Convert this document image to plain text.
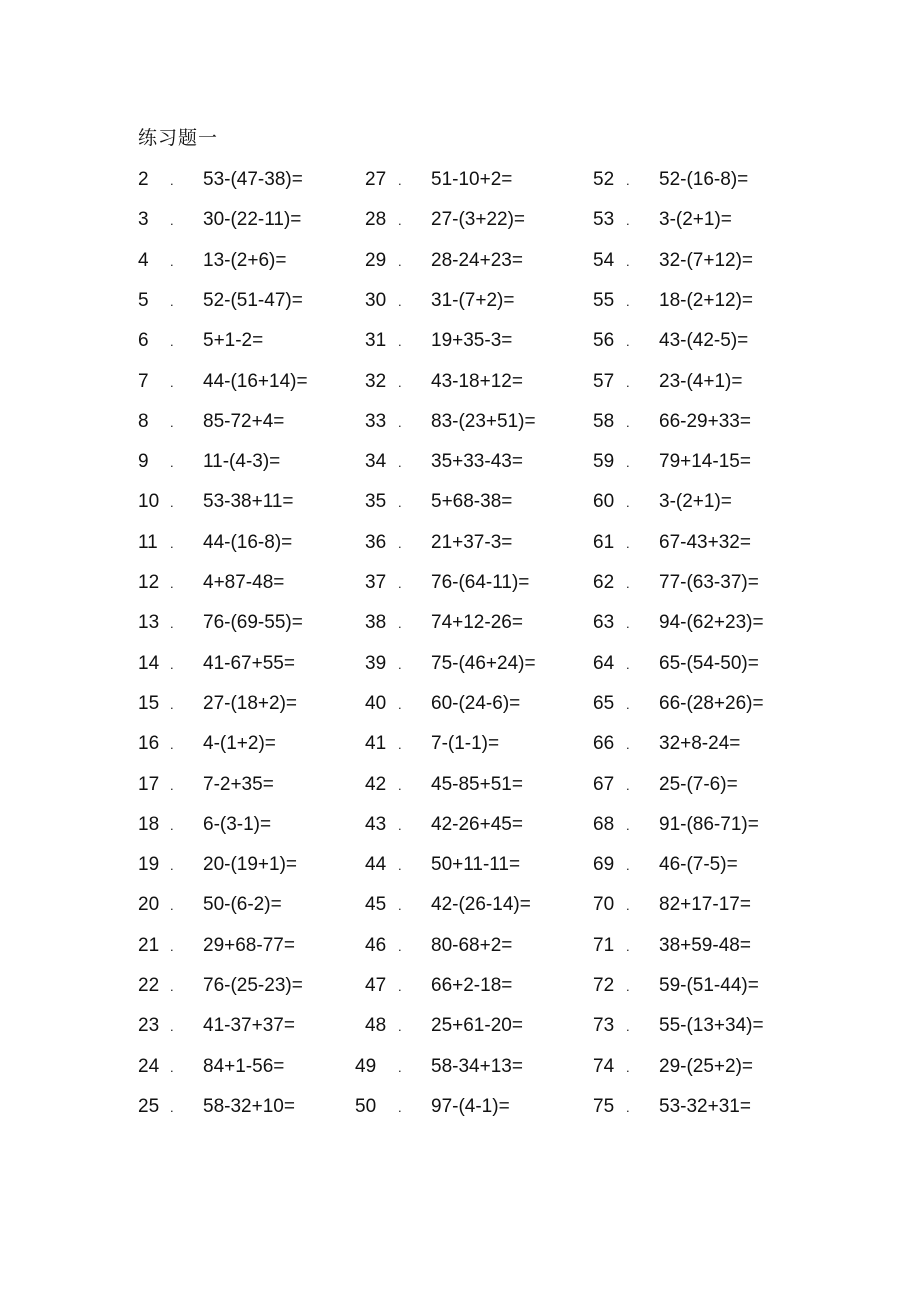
练习题一
2 . 53-(47-38)=	27 . 51-10+2=	52 . 52-(16-8)=
3 . 30-(22-11)=	28 . 27-(3+22)=	53 . 3-(2+1)=
4 . 13-(2+6)=	29 . 28-24+23=	54 . 32-(7+12)=
5 . 52-(51-47)=	30 . 31-(7+2)=	55 . 18-(2+12)=
6 . 5+1-2=	31 . 19+35-3=	56 . 43-(42-5)=
7 . 44-(16+14)=	32 . 43-18+12=	57 . 23-(4+1)=
8 . 85-72+4=	33 . 83-(23+51)=	58 . 66-29+33=
9 . 11-(4-3)=	34 . 35+33-43=	59 . 79+14-15=
10 . 53-38+11=	35 . 5+68-38=	60 . 3-(2+1)=
11 . 44-(16-8)=	36 . 21+37-3=	61 . 67-43+32=
12 . 4+87-48=	37 . 76-(64-11)=	62 . 77-(63-37)=
13 . 76-(69-55)=	38 . 74+12-26=	63 . 94-(62+23)=
14 . 41-67+55=	39 . 75-(46+24)=	64 . 65-(54-50)=
15 . 27-(18+2)=	40 . 60-(24-6)=	65 . 66-(28+26)=
16 . 4-(1+2)=	41 . 7-(1-1)=	66 . 32+8-24=
17 . 7-2+35=	42 . 45-85+51=	67 . 25-(7-6)=
18 . 6-(3-1)=	43 . 42-26+45=	68 . 91-(86-71)=
19 . 20-(19+1)=	44 . 50+11-11=	69 . 46-(7-5)=
20 . 50-(6-2)=	45 . 42-(26-14)=	70 . 82+17-17=
21 . 29+68-77=	46 . 80-68+2=	71 . 38+59-48=
22 . 76-(25-23)=	47 . 66+2-18=	72 . 59-(51-44)=
23 . 41-37+37=	48 . 25+61-20=	73 . 55-(13+34)=
24 . 84+1-56=	49 . 58-34+13=	74 . 29-(25+2)=
25 . 58-32+10=	50 . 97-(4-1)=	75 . 53-32+31=
